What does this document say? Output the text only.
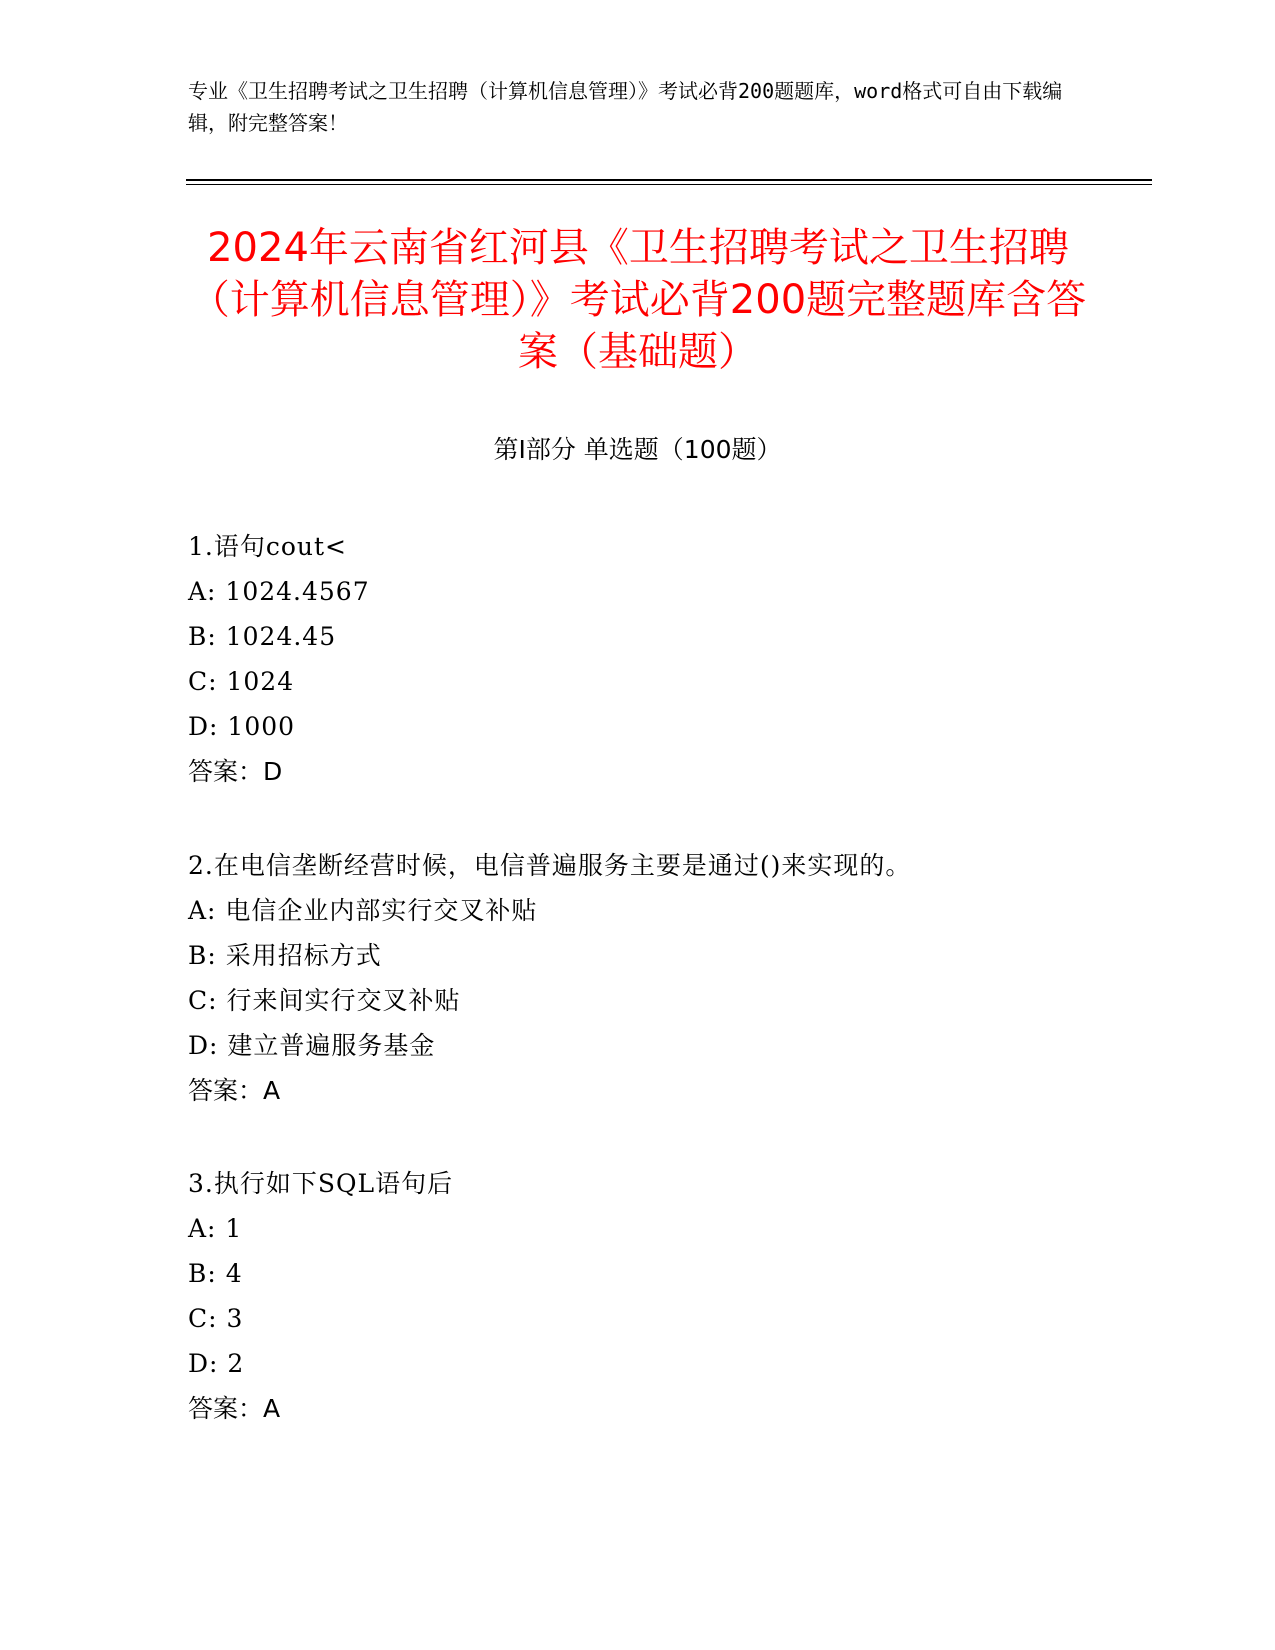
专业《卫生招聘考试之卫生招聘（计算机信息管理）》考试必背200题题库，word格式可自由下载编辑，附完整答案！
2024年云南省红河县《卫生招聘考试之卫生招聘（计算机信息管理）》考试必背200题完整题库含答案（基础题）
第Ⅰ部分 单选题（100题）
1.语句cout<
A: 1024.4567
B: 1024.45
C: 1024
D: 1000
答案：D
2.在电信垄断经营时候，电信普遍服务主要是通过()来实现的。
A: 电信企业内部实行交叉补贴
B: 采用招标方式
C: 行来间实行交叉补贴
D: 建立普遍服务基金
答案：A
3.执行如下SQL语句后
A: 1
B: 4
C: 3
D: 2
答案：A
